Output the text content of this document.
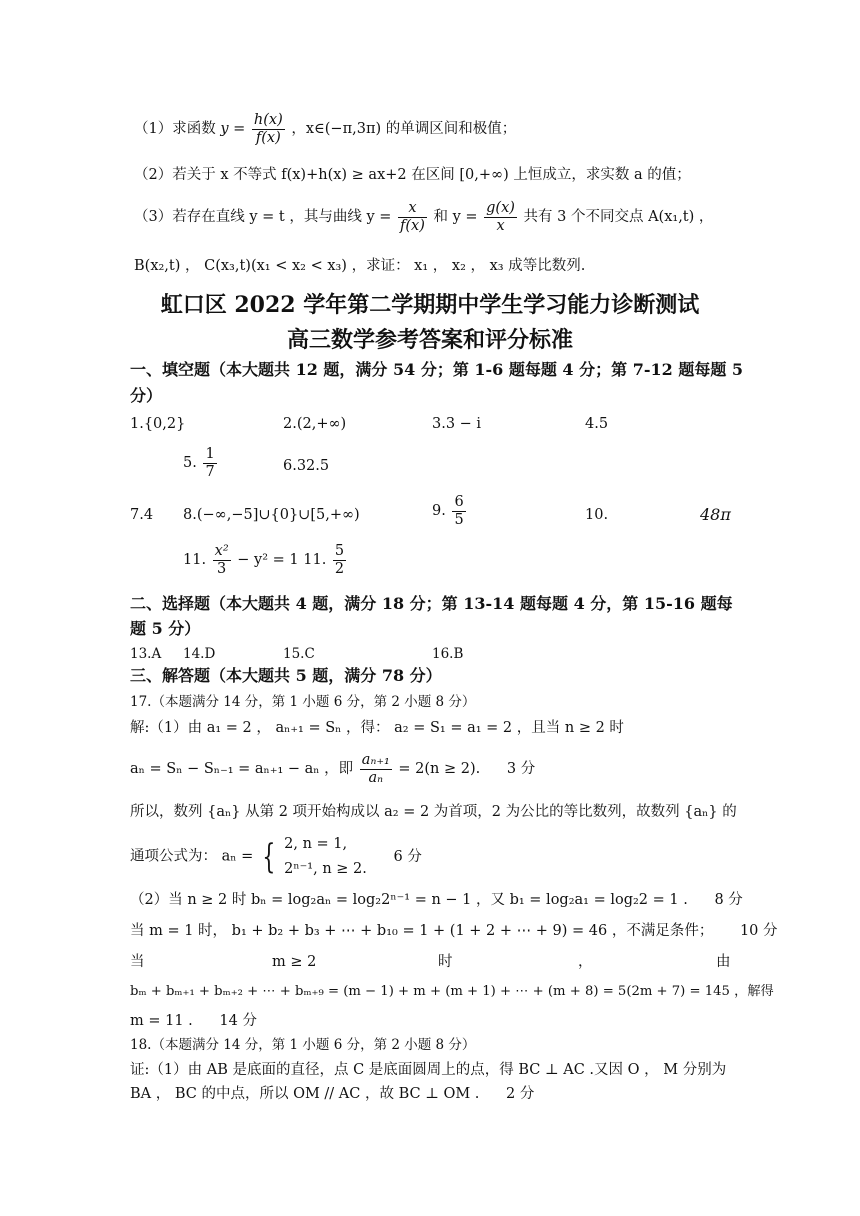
（1）求函数 $y = \frac{h(x)}{f(x)}$ ，x∈(−π,3π) 的单调区间和极值；
（2）若关于 x 不等式 f(x)+h(x) ≥ ax+2 在区间 [0,+∞) 上恒成立，求实数 a 的值；
（3）若存在直线 y = t ，其与曲线 $y = \frac{x}{f(x)}$ 和 $y = \frac{g(x)}{x}$ 共有 3 个不同交点 A(x₁,t) ，
B(x₂,t) ， C(x₃,t)(x₁ < x₂ < x₃) ，求证： x₁ ， x₂ ， x₃ 成等比数列.
虹口区 2022 学年第二学期期中学生学习能力诊断测试
高三数学参考答案和评分标准
一、填空题（本大题共 12 题，满分 54 分；第 1-6 题每题 4 分；第 7-12 题每题 5
分）
1.{0,2}	2.(2,+∞)	3.3 − i	4.5
5. $\frac{1}{7}$	6.32.5
7.4 8.(−∞,−5]∪{0}∪[5,+∞)	9. $\frac{6}{5}$	10.	48π
11. $\frac{\text{x²}}{3} - y^2 = 1$ 11. $\frac{5}{2}$
二、选择题（本大题共 4 题，满分 18 分；第 13-14 题每题 4 分，第 15-16 题每
题 5 分）
13.A 14.D	15.C	16.B
三、解答题（本大题共 5 题，满分 78 分）
17.（本题满分 14 分，第 1 小题 6 分，第 2 小题 8 分）
解:（1）由 a₁ = 2 ， aₙ₊₁ = Sₙ ，得： a₂ = S₁ = a₁ = 2 ，且当 n ≥ 2 时
aₙ = Sₙ − Sₙ₋₁ = aₙ₊₁ − aₙ ，即 $\frac{\text{aₙ₊₁}}{\text{aₙ}} = 2(n \ge 2)$. 3 分
所以，数列 {aₙ} 从第 2 项开始构成以 a₂ = 2 为首项，2 为公比的等比数列，故数列 {aₙ} 的
通项公式为： aₙ = { 2, n = 1,
2ⁿ⁻¹, n ≥ 2.
6 分
（2）当 n ≥ 2 时 bₙ = log₂aₙ = log₂2ⁿ⁻¹ = n − 1 ，又 b₁ = log₂a₁ = log₂2 = 1 . 8 分
当 m = 1 时， b₁ + b₂ + b₃ + ⋯ + b₁₀ = 1 + (1 + 2 + ⋯ + 9) = 46 ，不满足条件； 10 分
当	m ≥ 2	时	，	由
bₘ + bₘ₊₁ + bₘ₊₂ + ⋯ + bₘ₊₉ = (m − 1) + m + (m + 1) + ⋯ + (m + 8) = 5(2m + 7) = 145 ，解得
m = 11 . 14 分
18.（本题满分 14 分，第 1 小题 6 分，第 2 小题 8 分）
证:（1）由 AB 是底面的直径，点 C 是底面圆周上的点，得 BC ⊥ AC .又因 O ， M 分别为
BA ， BC 的中点，所以 OM // AC ，故 BC ⊥ OM . 2 分
